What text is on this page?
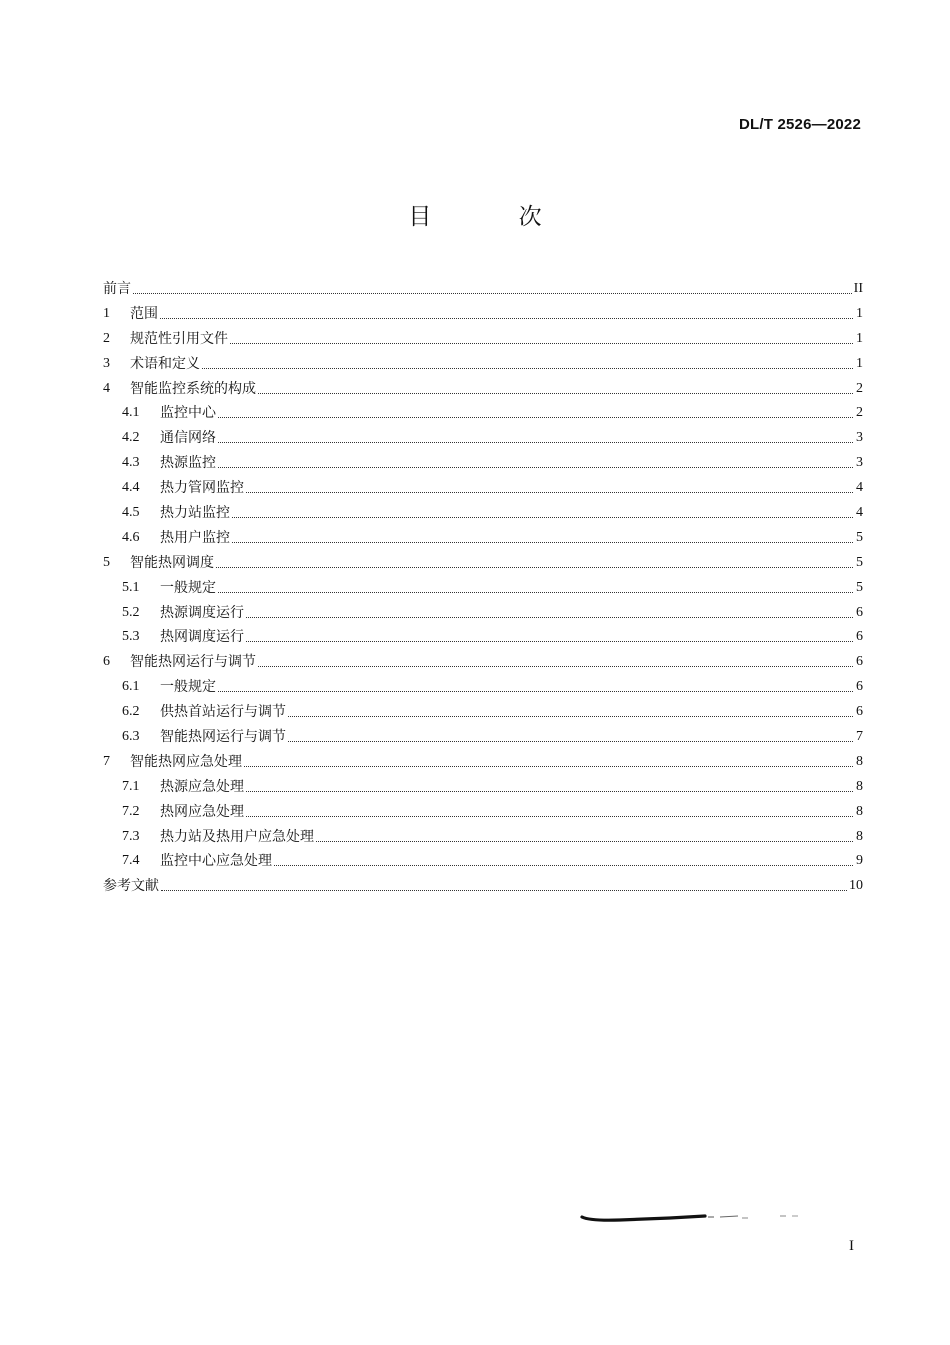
DL/T 2526—2022
目 次
前言	II
1	范围	1
2	规范性引用文件	1
3	术语和定义	1
4	智能监控系统的构成	2
4.1	监控中心	2
4.2	通信网络	3
4.3	热源监控	3
4.4	热力管网监控	4
4.5	热力站监控	4
4.6	热用户监控	5
5	智能热网调度	5
5.1	一般规定	5
5.2	热源调度运行	6
5.3	热网调度运行	6
6	智能热网运行与调节	6
6.1	一般规定	6
6.2	供热首站运行与调节	6
6.3	智能热网运行与调节	7
7	智能热网应急处理	8
7.1	热源应急处理	8
7.2	热网应急处理	8
7.3	热力站及热用户应急处理	8
7.4	监控中心应急处理	9
参考文献	10
I
